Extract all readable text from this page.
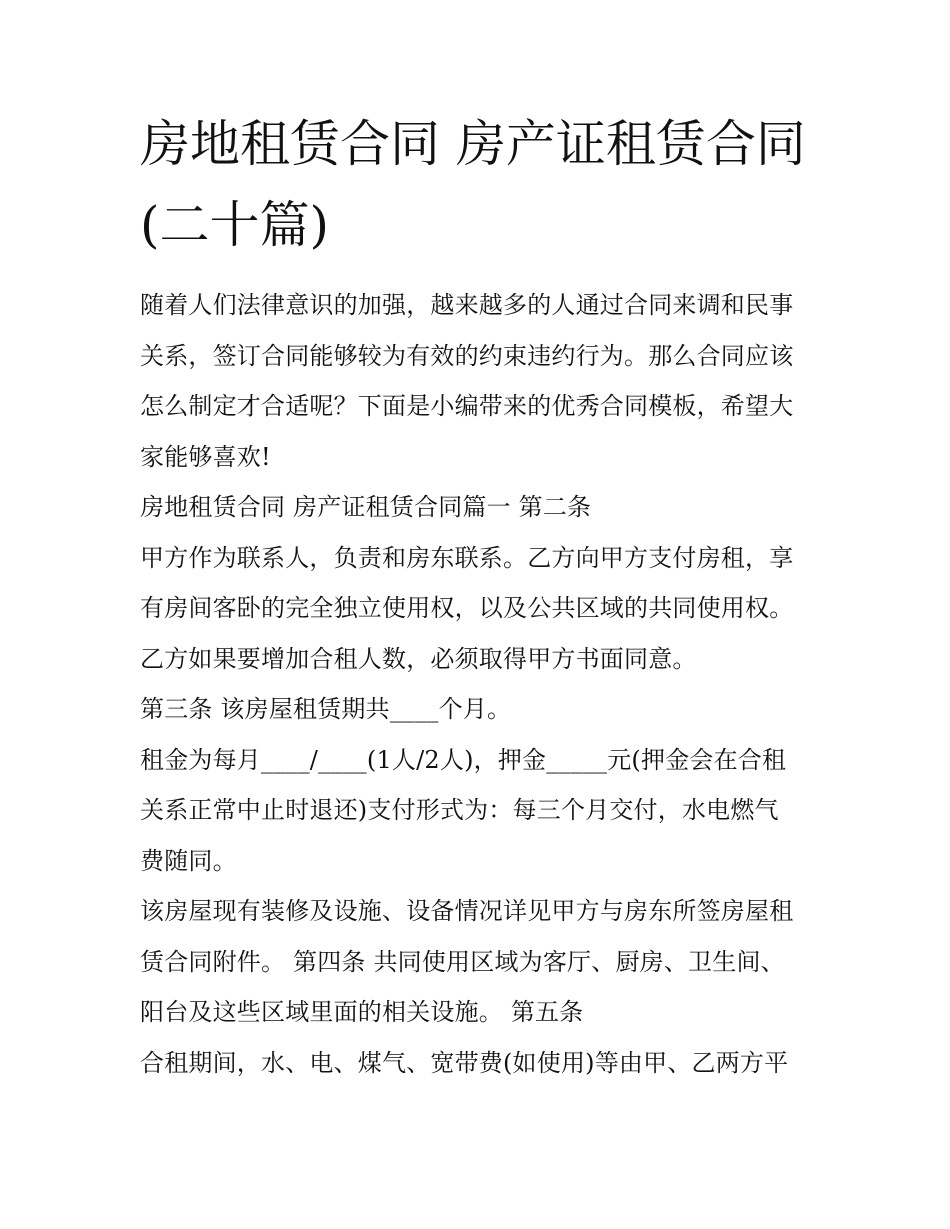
房地租赁合同 房产证租赁合同
(二十篇)

随着人们法律意识的加强，越来越多的人通过合同来调和民事

关系，签订合同能够较为有效的约束违约行为。那么合同应该

怎么制定才合适呢？下面是小编带来的优秀合同模板，希望大

家能够喜欢!

房地租赁合同 房产证租赁合同篇一 第二条

甲方作为联系人，负责和房东联系。乙方向甲方支付房租，享

有房间客卧的完全独立使用权，以及公共区域的共同使用权。

乙方如果要增加合租人数，必须取得甲方书面同意。

第三条 该房屋租赁期共____个月。

租金为每月____/____(1人/2人)，押金_____元(押金会在合租

关系正常中止时退还)支付形式为：每三个月交付，水电燃气

费随同。

该房屋现有装修及设施、设备情况详见甲方与房东所签房屋租

赁合同附件。 第四条 共同使用区域为客厅、厨房、卫生间、

阳台及这些区域里面的相关设施。 第五条

合租期间，水、电、煤气、宽带费(如使用)等由甲、乙两方平
